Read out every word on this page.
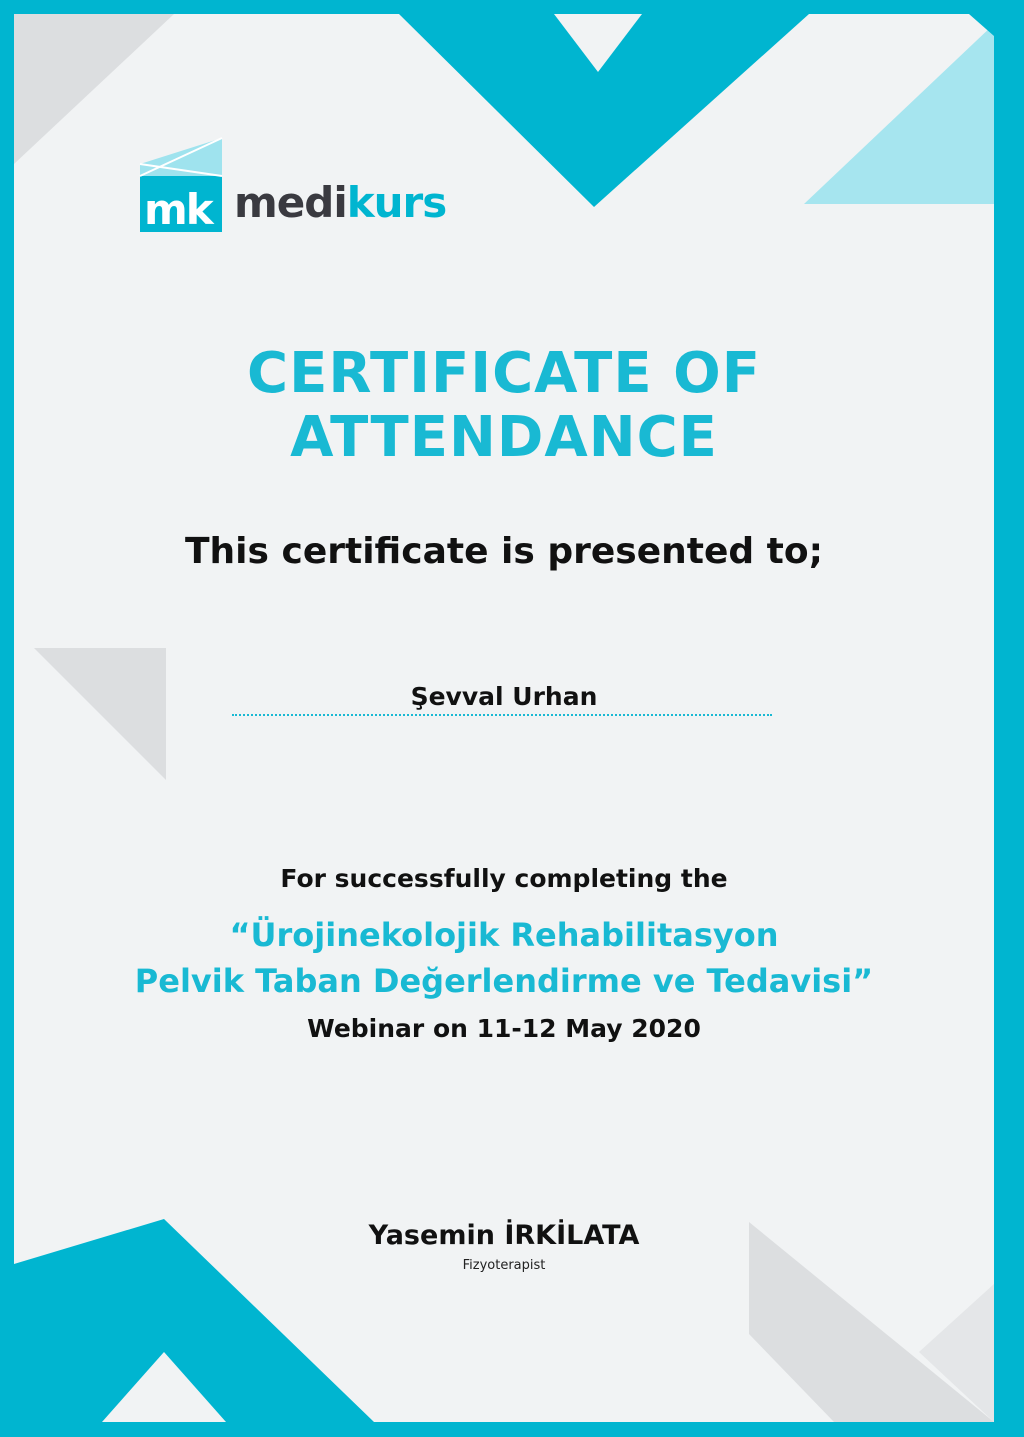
mk medikurs
CERTIFICATE OF
ATTENDANCE
This certificate is presented to;
Şevval Urhan
For successfully completing the
“Ürojinekolojik Rehabilitasyon
Pelvik Taban Değerlendirme ve Tedavisi”
Webinar on 11-12 May 2020
Yasemin İRKİLATA
Fizyoterapist
